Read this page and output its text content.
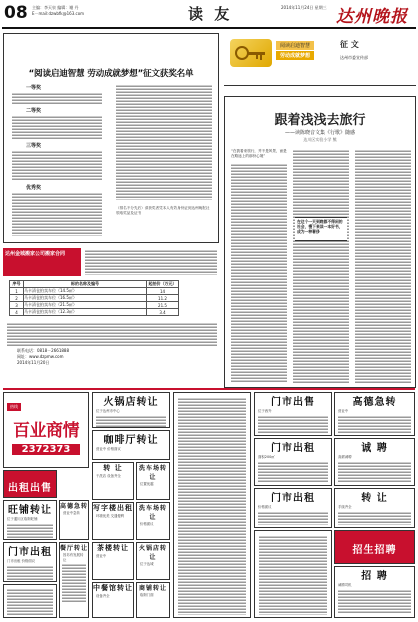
08 主编：李天泉 编辑：谢 丹
E－mail:dzwbfk@163.com	读 友	2014年11月24日 星期三 达州晚报
“阅读启迪智慧 劳动成就梦想”征文获奖名单
一等奖
二等奖
三等奖
优秀奖
（排名不分先后）请获奖者凭本人有效身份证到达州晚报社领取奖品及证书
达州金城搬家公司搬家合同
序号	标的名称及编号	起拍价（万元）
1	马卡清仓拍卖车位（14.5㎡）	14
2	马卡清仓拍卖车位（16.5㎡）	11.2
3	马卡清仓拍卖车位（21.5㎡）	21.5
4	马卡清仓拍卖车位（12.3㎡）	3.4
联系电话：0818－2661888
网址：www.dzpmw.com
2014年11月20日
阅读启迪智慧
劳动成就梦想
征 文
达州市委宣传部
跟着浅浅去旅行
——读陈晓音文集《行歌》随感
达川区实验小学 熊
“在我看来旅行，并不是风景，而是在路途上的那份心境”
在这个一天到晚都不得闲的社会，慢下来读一本好书，成为一种奢侈
热线
百业商情
2372373
出租出售
旺铺转让
位于通川区临街旺铺
高德急转
营业中急转
门市出租
门市出租 价格面议
餐厅转让
因另有发展转让
火锅店转让
位于达州市中心
咖啡厅转让
营业中 价格面议
转 让
干洗店 设备齐全
洗车场转让
位置优越
写字楼出租
环境优美 交通便利
洗车场转让
价格面议
茶楼转让
营业中
火锅店转让
位于达城
中餐馆转让
设备齐全
商铺转让
临街门面
门市出售
位于西外
高德急转
营业中
门市出租
面积200㎡
诚 聘
高薪诚聘
门市出租
价格面议
转 让
手续齐全
招生招聘
招 聘
诚聘司机
